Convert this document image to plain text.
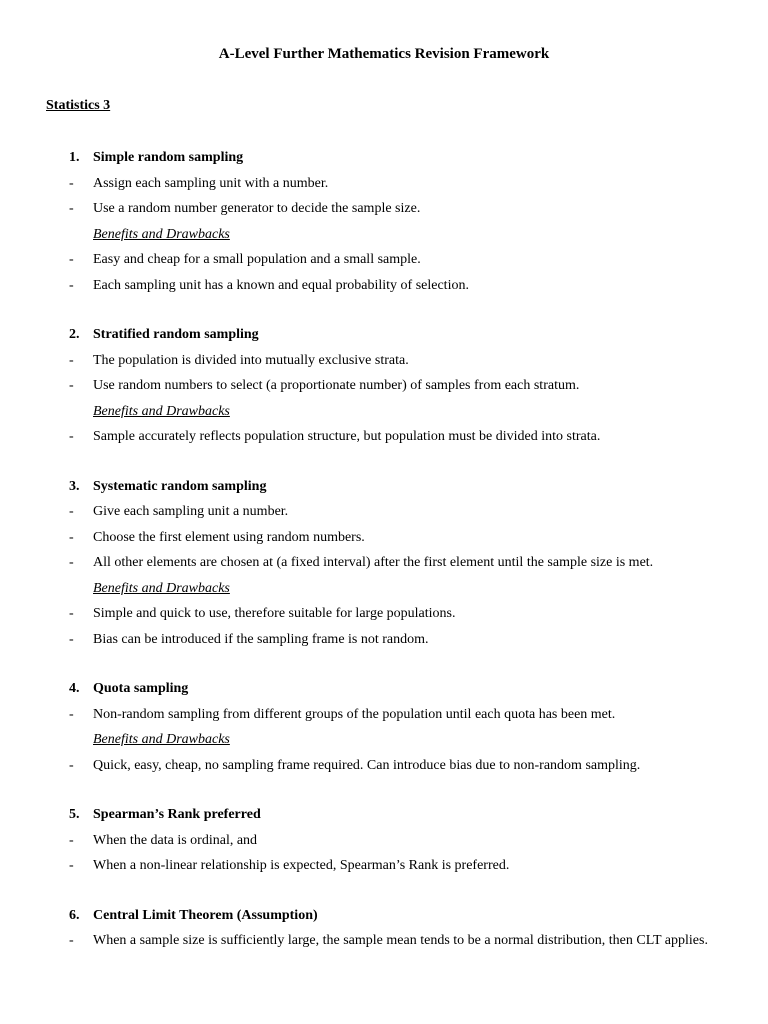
A-Level Further Mathematics Revision Framework
Statistics 3
1. Simple random sampling
- Assign each sampling unit with a number.
- Use a random number generator to decide the sample size.
Benefits and Drawbacks
- Easy and cheap for a small population and a small sample.
- Each sampling unit has a known and equal probability of selection.
2. Stratified random sampling
- The population is divided into mutually exclusive strata.
- Use random numbers to select (a proportionate number) of samples from each stratum.
Benefits and Drawbacks
- Sample accurately reflects population structure, but population must be divided into strata.
3. Systematic random sampling
- Give each sampling unit a number.
- Choose the first element using random numbers.
- All other elements are chosen at (a fixed interval) after the first element until the sample size is met.
Benefits and Drawbacks
- Simple and quick to use, therefore suitable for large populations.
- Bias can be introduced if the sampling frame is not random.
4. Quota sampling
- Non-random sampling from different groups of the population until each quota has been met.
Benefits and Drawbacks
- Quick, easy, cheap, no sampling frame required. Can introduce bias due to non-random sampling.
5. Spearman’s Rank preferred
- When the data is ordinal, and
- When a non-linear relationship is expected, Spearman’s Rank is preferred.
6. Central Limit Theorem (Assumption)
- When a sample size is sufficiently large, the sample mean tends to be a normal distribution, then CLT applies.
